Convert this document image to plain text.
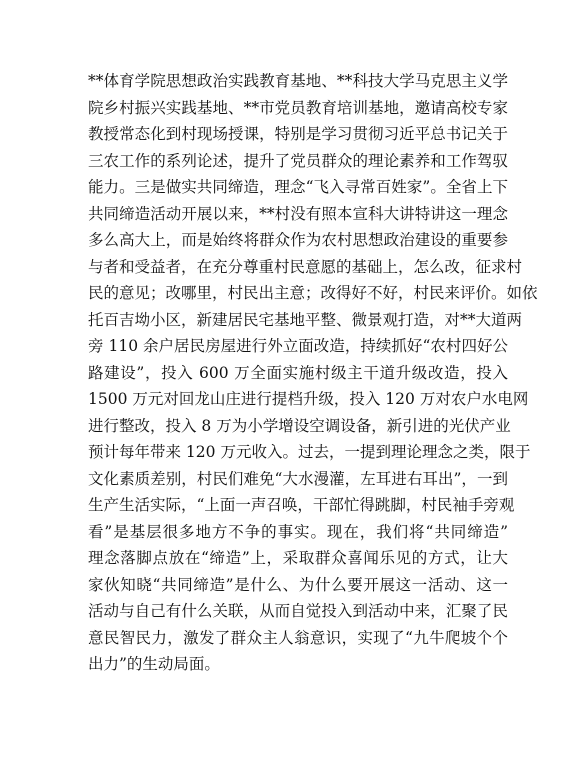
**体育学院思想政治实践教育基地、**科技大学马克思主义学
院乡村振兴实践基地、**市党员教育培训基地，邀请高校专家
教授常态化到村现场授课，特别是学习贯彻习近平总书记关于
三农工作的系列论述，提升了党员群众的理论素养和工作驾驭
能力。三是做实共同缔造，理念“飞入寻常百姓家”。全省上下
共同缔造活动开展以来，**村没有照本宣科大讲特讲这一理念
多么高大上，而是始终将群众作为农村思想政治建设的重要参
与者和受益者，在充分尊重村民意愿的基础上，怎么改，征求村
民的意见；改哪里，村民出主意；改得好不好，村民来评价。如依
托百吉坳小区，新建居民宅基地平整、微景观打造，对**大道两
旁 110 余户居民房屋进行外立面改造，持续抓好“农村四好公
路建设”，投入 600 万全面实施村级主干道升级改造，投入
1500 万元对回龙山庄进行提档升级，投入 120 万对农户水电网
进行整改，投入 8 万为小学增设空调设备，新引进的光伏产业
预计每年带来 120 万元收入。过去，一提到理论理念之类，限于
文化素质差别，村民们难免“大水漫灌，左耳进右耳出”，一到
生产生活实际，“上面一声召唤，干部忙得跳脚，村民袖手旁观
看”是基层很多地方不争的事实。现在，我们将“共同缔造”
理念落脚点放在“缔造”上，采取群众喜闻乐见的方式，让大
家伙知晓“共同缔造”是什么、为什么要开展这一活动、这一
活动与自己有什么关联，从而自觉投入到活动中来，汇聚了民
意民智民力，激发了群众主人翁意识，实现了“九牛爬坡个个
出力”的生动局面。
